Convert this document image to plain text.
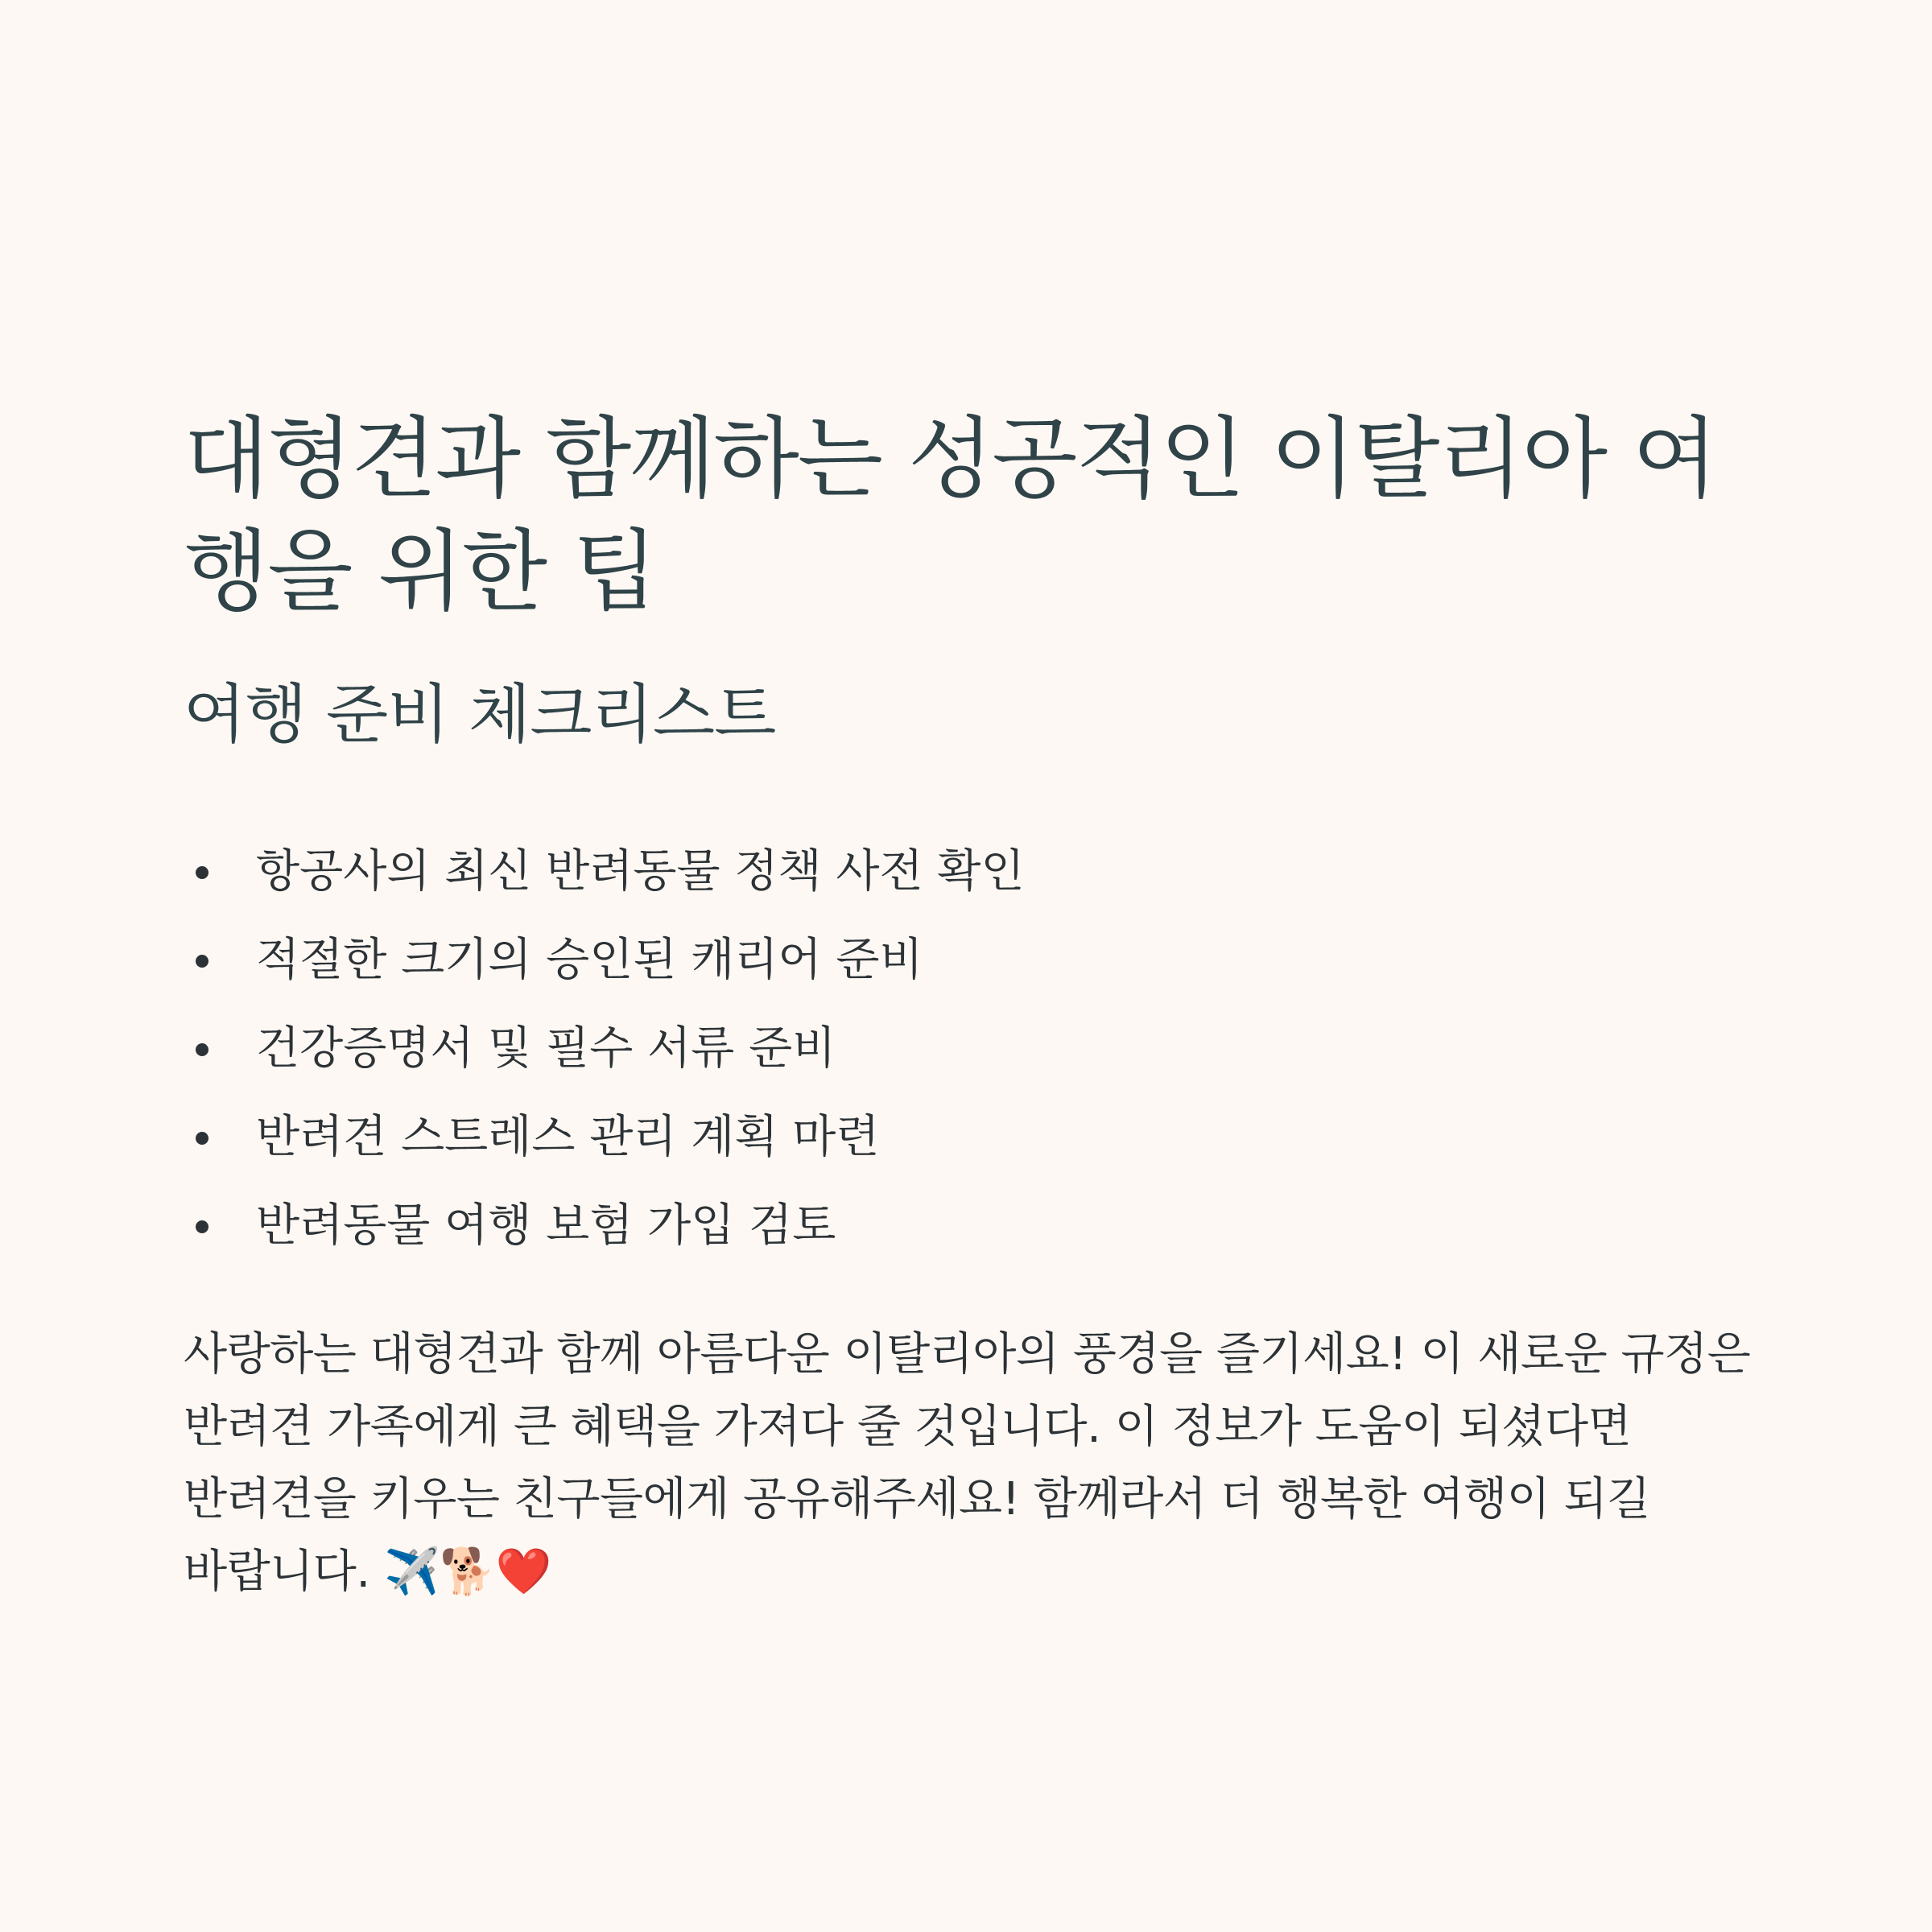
대형견과 함께하는 성공적인 이탈리아 여행을 위한 팁
여행 준비 체크리스트
항공사의 최신 반려동물 정책 사전 확인
적절한 크기의 승인된 캐리어 준비
건강증명서 및 필수 서류 준비
반려견 스트레스 관리 계획 마련
반려동물 여행 보험 가입 검토

사랑하는 대형견과 함께 아름다운 이탈리아의 풍경을 즐기세요! 이 새로운 규정은 반려견 가족에게 큰 혜택을 가져다 줄 것입니다. 이 정보가 도움이 되셨다면 반려견을 키우는 친구들에게 공유해주세요! 함께라서 더 행복한 여행이 되길 바랍니다. ✈️🐕❤️
